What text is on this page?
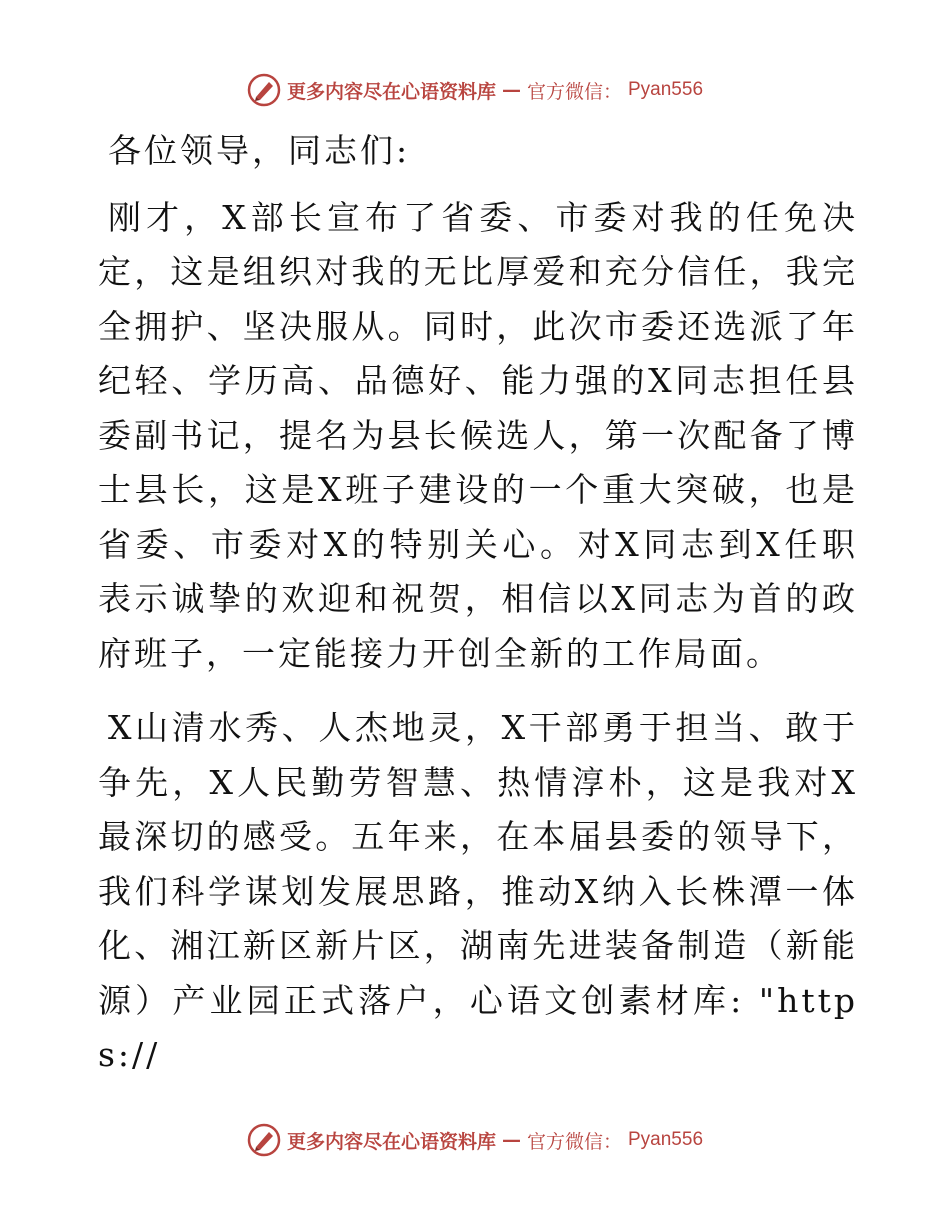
更多内容尽在心语资料库 — 官方微信： Pyan556

各位领导，同志们:

刚才，X部长宣布了省委、市委对我的任免决定，这是组织对我的无比厚爱和充分信任，我完全拥护、坚决服从。同时，此次市委还选派了年纪轻、学历高、品德好、能力强的X同志担任县委副书记，提名为县长候选人，第一次配备了博士县长，这是X班子建设的一个重大突破，也是省委、市委对X的特别关心。对X同志到X任职表示诚挚的欢迎和祝贺，相信以X同志为首的政府班子，一定能接力开创全新的工作局面。

X山清水秀、人杰地灵，X干部勇于担当、敢于争先，X人民勤劳智慧、热情淳朴，这是我对X最深切的感受。五年来，在本届县委的领导下，我们科学谋划发展思路，推动X纳入长株潭一体化、湘江新区新片区，湖南先进装备制造（新能源）产业园正式落户，心语文创素材库: "https://

更多内容尽在心语资料库 — 官方微信： Pyan556
